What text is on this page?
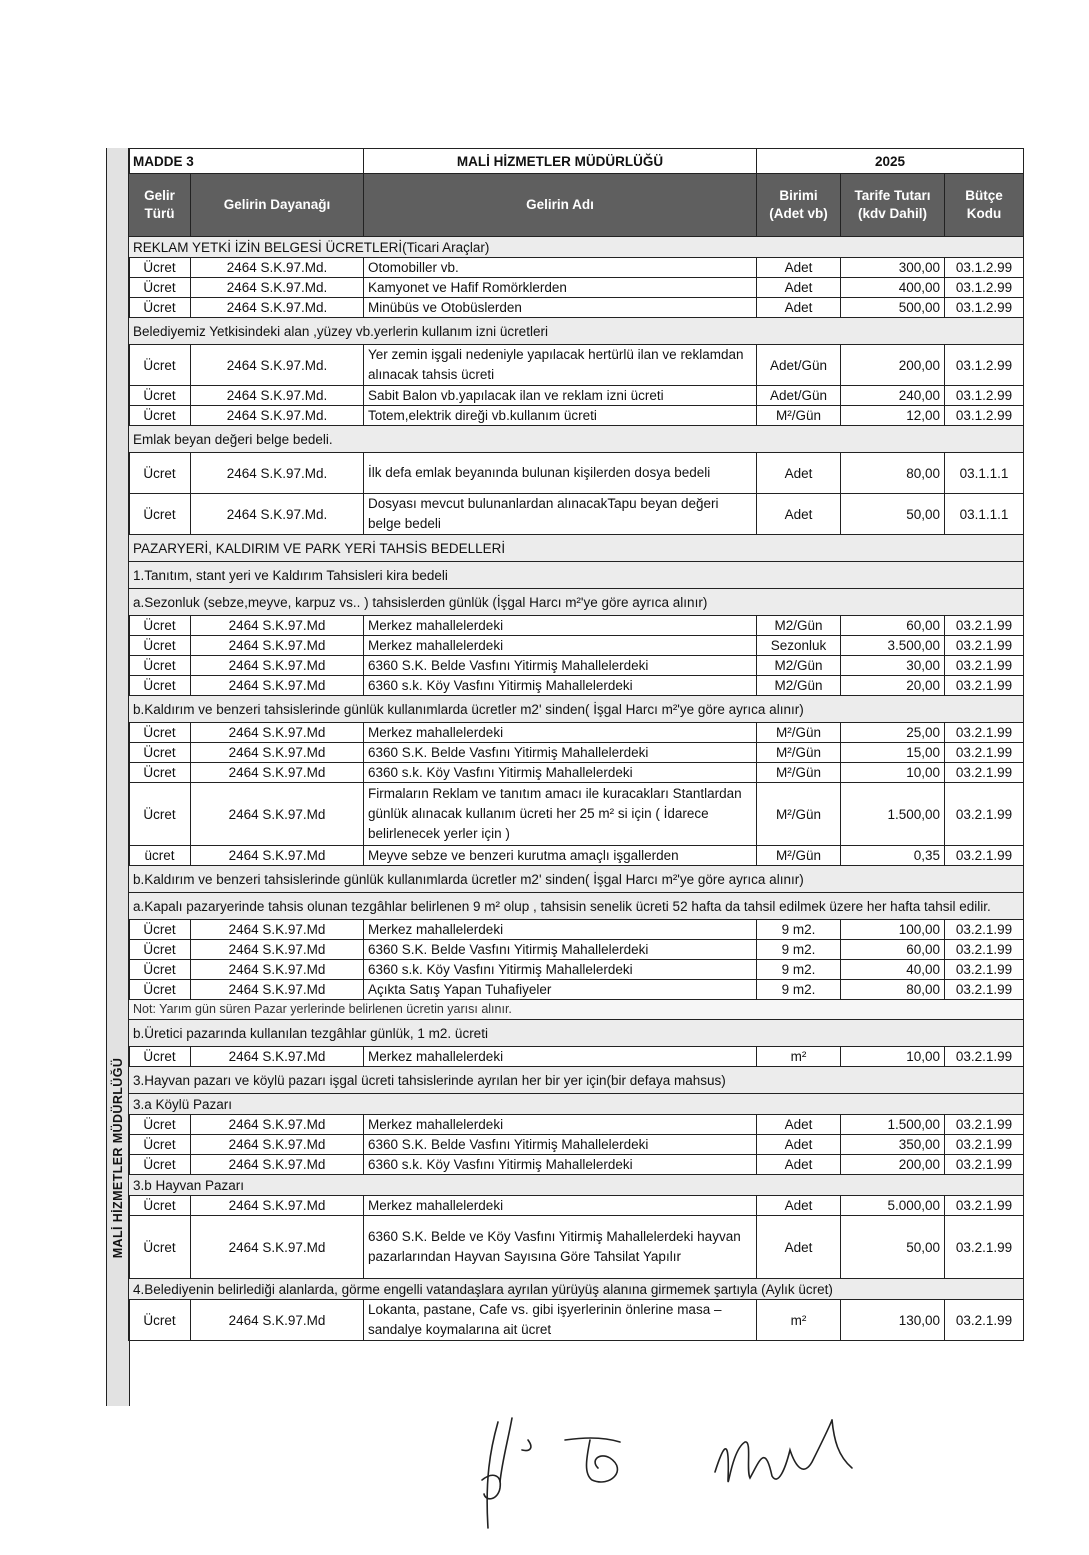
MALİ HİZMETLER MÜDÜRLÜĞÜ
MADDE 3		MALİ HİZMETLER MÜDÜRLÜĞÜ	2025		
Gelir Türü	Gelirin Dayanağı	Gelirin Adı	Birimi (Adet vb)	Tarife Tutarı (kdv Dahil)	Bütçe Kodu
REKLAM YETKİ İZİN BELGESİ ÜCRETLERİ(Ticari Araçlar)					
Ücret	2464 S.K.97.Md.	Otomobiller vb.	Adet	300,00	03.1.2.99
Ücret	2464 S.K.97.Md.	Kamyonet ve Hafif Romörklerden	Adet	400,00	03.1.2.99
Ücret	2464 S.K.97.Md.	Minübüs ve Otobüslerden	Adet	500,00	03.1.2.99
Belediyemiz Yetkisindeki alan ,yüzey vb.yerlerin kullanım izni ücretleri					
Ücret	2464 S.K.97.Md.	Yer zemin işgali nedeniyle yapılacak hertürlü ilan ve reklamdan alınacak tahsis ücreti	Adet/Gün	200,00	03.1.2.99
Ücret	2464 S.K.97.Md.	Sabit Balon vb.yapılacak ilan ve reklam izni ücreti	Adet/Gün	240,00	03.1.2.99
Ücret	2464 S.K.97.Md.	Totem,elektrik direği vb.kullanım ücreti	M²/Gün	12,00	03.1.2.99
Emlak beyan değeri belge bedeli.					
Ücret	2464 S.K.97.Md.	İlk defa emlak beyanında bulunan kişilerden dosya bedeli	Adet	80,00	03.1.1.1
Ücret	2464 S.K.97.Md.	Dosyası mevcut bulunanlardan alınacakTapu beyan değeri belge bedeli	Adet	50,00	03.1.1.1
PAZARYERİ, KALDIRIM VE PARK YERİ TAHSİS BEDELLERİ					
1.Tanıtım, stant yeri ve Kaldırım Tahsisleri kira bedeli					
a.Sezonluk (sebze,meyve, karpuz vs.. ) tahsislerden günlük (İşgal Harcı m²'ye göre ayrıca alınır)					
Ücret	2464 S.K.97.Md	Merkez mahallelerdeki	M2/Gün	60,00	03.2.1.99
Ücret	2464 S.K.97.Md	Merkez mahallelerdeki	Sezonluk	3.500,00	03.2.1.99
Ücret	2464 S.K.97.Md	6360 S.K. Belde Vasfını Yitirmiş Mahallelerdeki	M2/Gün	30,00	03.2.1.99
Ücret	2464 S.K.97.Md	6360 s.k. Köy Vasfını Yitirmiş Mahallelerdeki	M2/Gün	20,00	03.2.1.99
b.Kaldırım ve benzeri tahsislerinde günlük kullanımlarda ücretler m2' sinden( İşgal Harcı m²'ye göre ayrıca alınır)					
Ücret	2464 S.K.97.Md	Merkez mahallelerdeki	M²/Gün	25,00	03.2.1.99
Ücret	2464 S.K.97.Md	6360 S.K. Belde Vasfını Yitirmiş Mahallelerdeki	M²/Gün	15,00	03.2.1.99
Ücret	2464 S.K.97.Md	6360 s.k. Köy Vasfını Yitirmiş Mahallelerdeki	M²/Gün	10,00	03.2.1.99
Ücret	2464 S.K.97.Md	Firmaların Reklam ve tanıtım amacı ile kuracakları Stantlardan günlük alınacak kullanım ücreti her 25 m² si için ( İdarece belirlenecek yerler için )	M²/Gün	1.500,00	03.2.1.99
ücret	2464 S.K.97.Md	Meyve sebze ve benzeri kurutma amaçlı işgallerden	M²/Gün	0,35	03.2.1.99
b.Kaldırım ve benzeri tahsislerinde günlük kullanımlarda ücretler m2' sinden( İşgal Harcı m²'ye göre ayrıca alınır)					
a.Kapalı pazaryerinde tahsis olunan tezgâhlar belirlenen 9 m² olup , tahsisin senelik ücreti 52 hafta da tahsil edilmek üzere her hafta tahsil edilir.					
Ücret	2464 S.K.97.Md	Merkez mahallelerdeki	9 m2.	100,00	03.2.1.99
Ücret	2464 S.K.97.Md	6360 S.K. Belde Vasfını Yitirmiş Mahallelerdeki	9 m2.	60,00	03.2.1.99
Ücret	2464 S.K.97.Md	6360 s.k. Köy Vasfını Yitirmiş Mahallelerdeki	9 m2.	40,00	03.2.1.99
Ücret	2464 S.K.97.Md	Açıkta Satış Yapan Tuhafiyeler	9 m2.	80,00	03.2.1.99
Not: Yarım gün süren Pazar yerlerinde belirlenen ücretin yarısı alınır.					
b.Üretici pazarında kullanılan tezgâhlar günlük, 1 m2. ücreti					
Ücret	2464 S.K.97.Md	Merkez mahallelerdeki	m²	10,00	03.2.1.99
3.Hayvan pazarı ve köylü pazarı işgal ücreti tahsislerinde ayrılan her bir yer için(bir defaya mahsus)					
3.a Köylü Pazarı					
Ücret	2464 S.K.97.Md	Merkez mahallelerdeki	Adet	1.500,00	03.2.1.99
Ücret	2464 S.K.97.Md	6360 S.K. Belde Vasfını Yitirmiş Mahallelerdeki	Adet	350,00	03.2.1.99
Ücret	2464 S.K.97.Md	6360 s.k. Köy Vasfını Yitirmiş Mahallelerdeki	Adet	200,00	03.2.1.99
3.b Hayvan Pazarı					
Ücret	2464 S.K.97.Md	Merkez mahallelerdeki	Adet	5.000,00	03.2.1.99
Ücret	2464 S.K.97.Md	6360 S.K. Belde ve Köy Vasfını Yitirmiş Mahallelerdeki hayvan pazarlarından Hayvan Sayısına Göre Tahsilat Yapılır	Adet	50,00	03.2.1.99
4.Belediyenin belirlediği alanlarda, görme engelli vatandaşlara ayrılan yürüyüş alanına girmemek şartıyla (Aylık ücret)					
Ücret	2464 S.K.97.Md	Lokanta, pastane, Cafe vs. gibi işyerlerinin önlerine masa – sandalye koymalarına ait ücret	m²	130,00	03.2.1.99
